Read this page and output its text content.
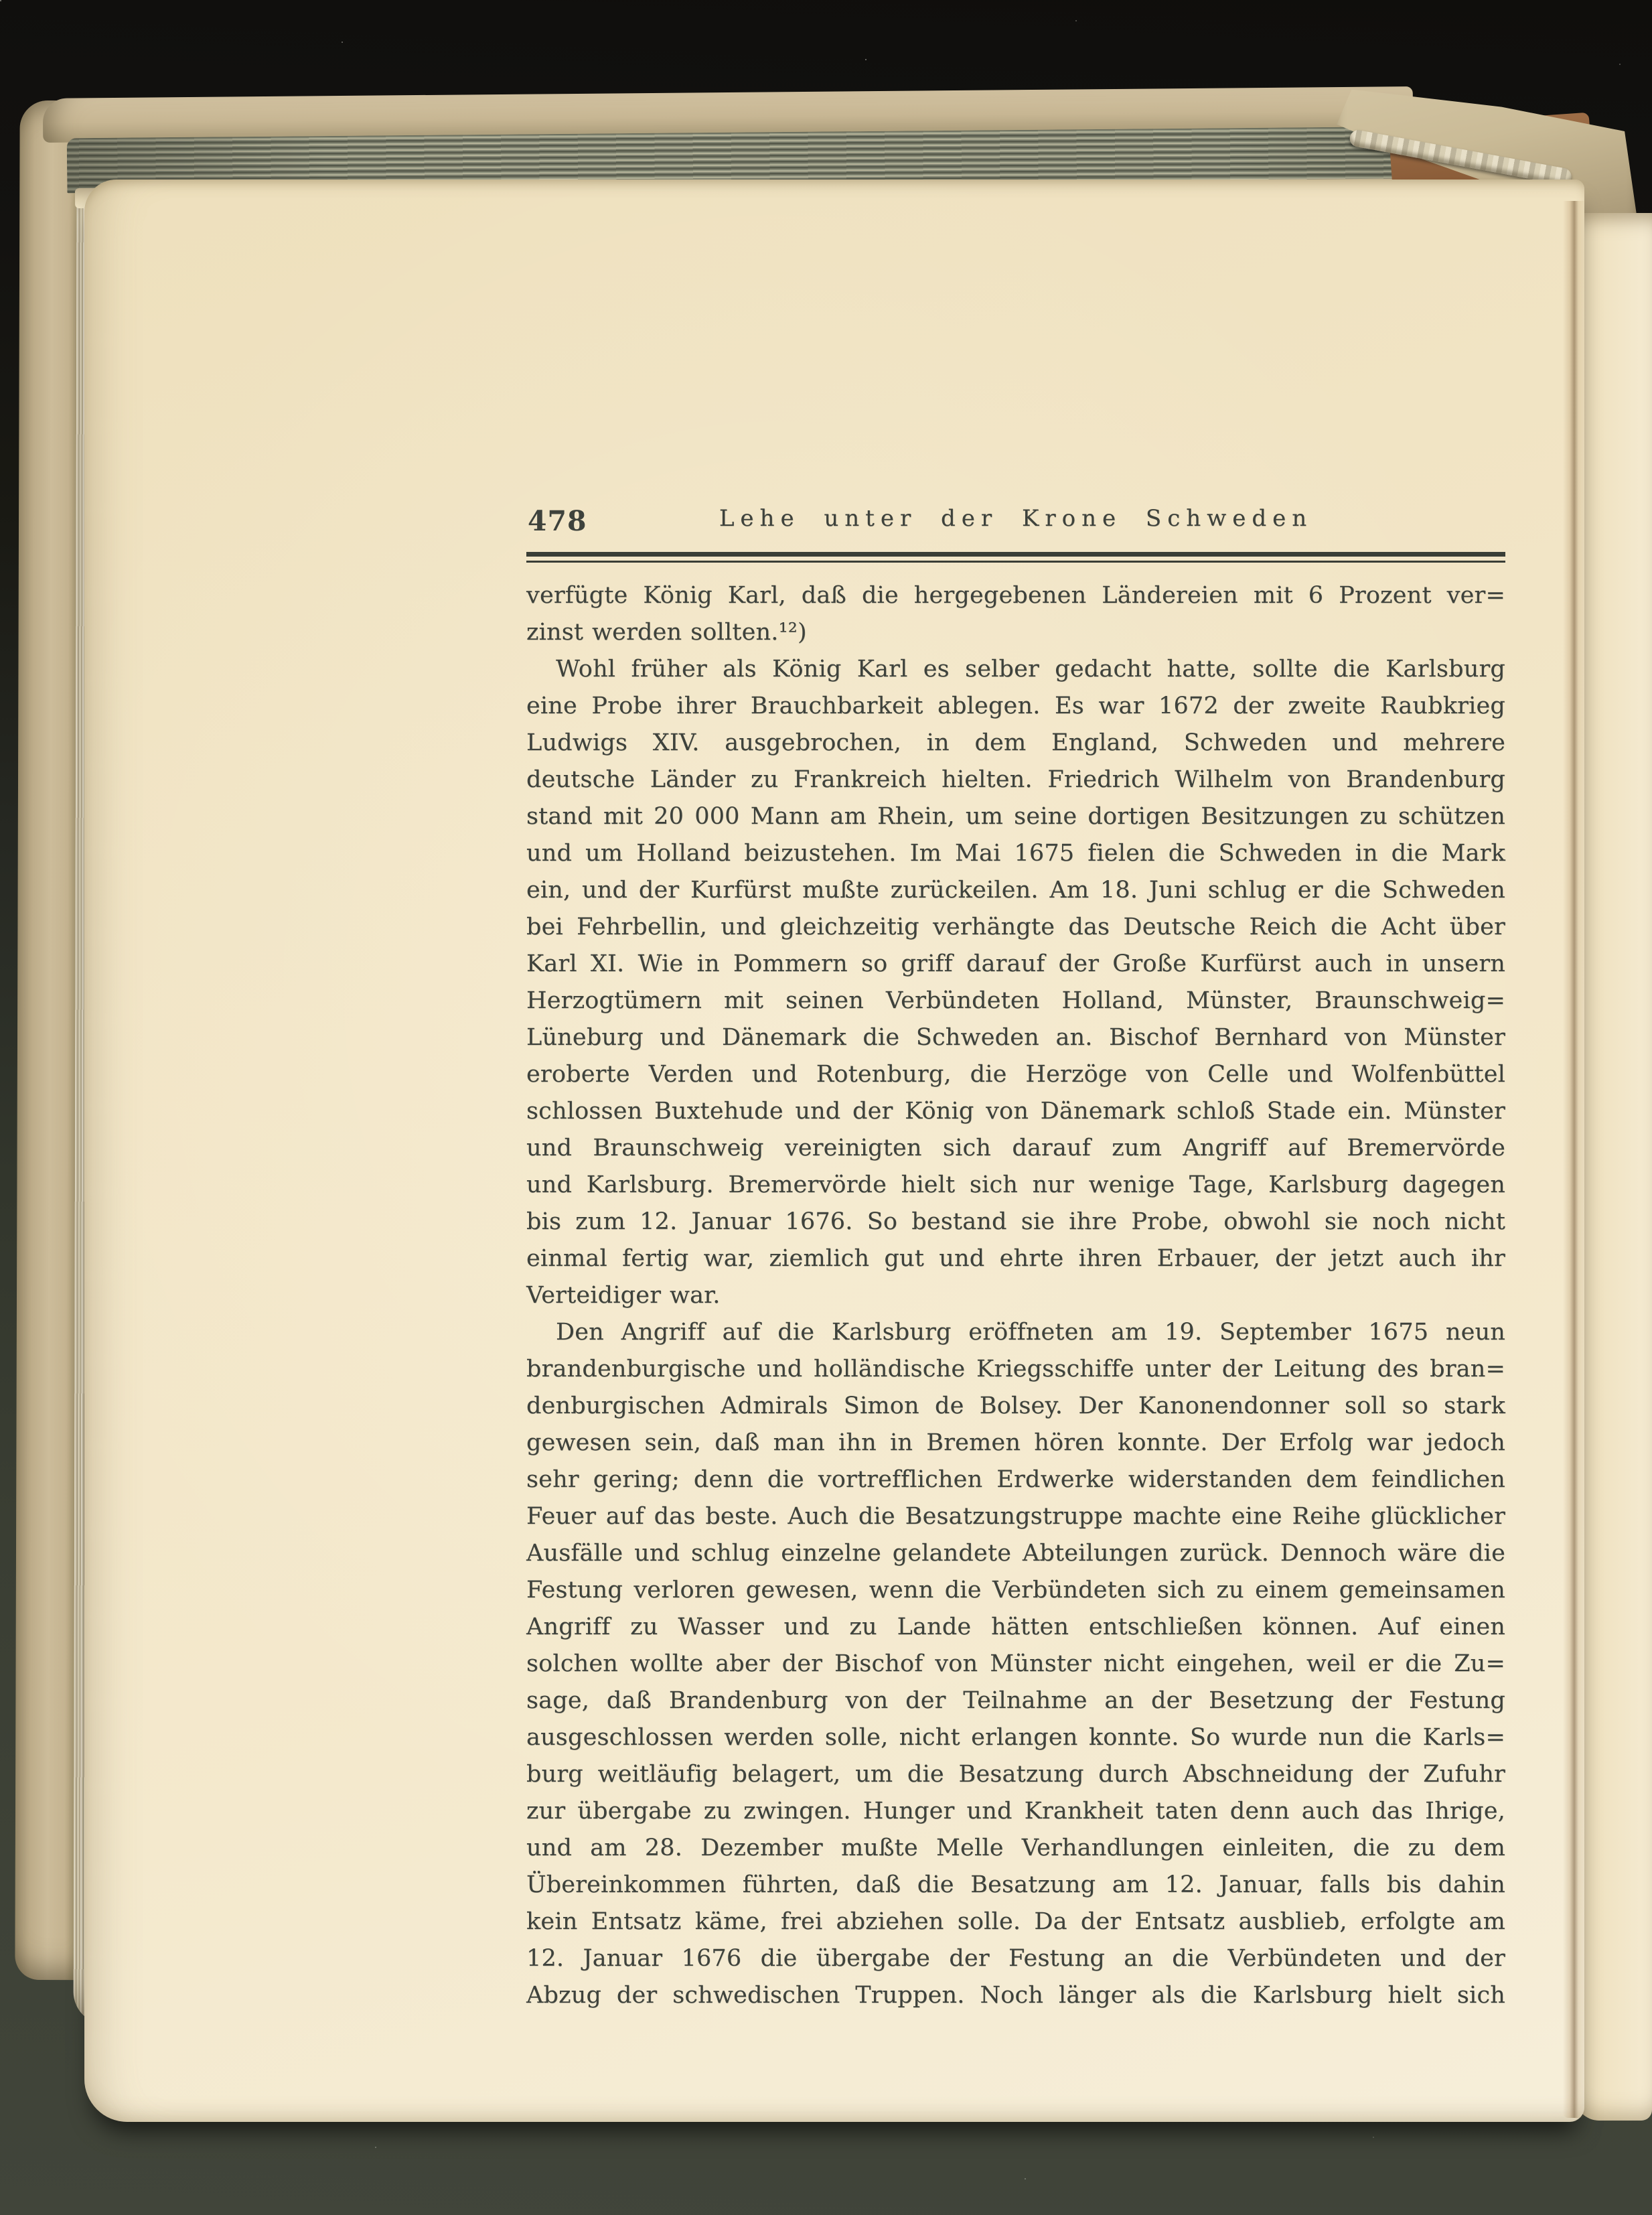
478	Lehe unter der Krone Schweden
verfügte König Karl, daß die hergegebenen Ländereien mit 6 Prozent ver=
zinst werden sollten.¹²)
Wohl früher als König Karl es selber gedacht hatte, sollte die Karlsburg
eine Probe ihrer Brauchbarkeit ablegen. Es war 1672 der zweite Raubkrieg
Ludwigs XIV. ausgebrochen, in dem England, Schweden und mehrere
deutsche Länder zu Frankreich hielten. Friedrich Wilhelm von Brandenburg
stand mit 20 000 Mann am Rhein, um seine dortigen Besitzungen zu schützen
und um Holland beizustehen. Im Mai 1675 fielen die Schweden in die Mark
ein, und der Kurfürst mußte zurückeilen. Am 18. Juni schlug er die Schweden
bei Fehrbellin, und gleichzeitig verhängte das Deutsche Reich die Acht über
Karl XI. Wie in Pommern so griff darauf der Große Kurfürst auch in unsern
Herzogtümern mit seinen Verbündeten Holland, Münster, Braunschweig=
Lüneburg und Dänemark die Schweden an. Bischof Bernhard von Münster
eroberte Verden und Rotenburg, die Herzöge von Celle und Wolfenbüttel
schlossen Buxtehude und der König von Dänemark schloß Stade ein. Münster
und Braunschweig vereinigten sich darauf zum Angriff auf Bremervörde
und Karlsburg. Bremervörde hielt sich nur wenige Tage, Karlsburg dagegen
bis zum 12. Januar 1676. So bestand sie ihre Probe, obwohl sie noch nicht
einmal fertig war, ziemlich gut und ehrte ihren Erbauer, der jetzt auch ihr
Verteidiger war.
Den Angriff auf die Karlsburg eröffneten am 19. September 1675 neun
brandenburgische und holländische Kriegsschiffe unter der Leitung des bran=
denburgischen Admirals Simon de Bolsey. Der Kanonendonner soll so stark
gewesen sein, daß man ihn in Bremen hören konnte. Der Erfolg war jedoch
sehr gering; denn die vortrefflichen Erdwerke widerstanden dem feindlichen
Feuer auf das beste. Auch die Besatzungstruppe machte eine Reihe glücklicher
Ausfälle und schlug einzelne gelandete Abteilungen zurück. Dennoch wäre die
Festung verloren gewesen, wenn die Verbündeten sich zu einem gemeinsamen
Angriff zu Wasser und zu Lande hätten entschließen können. Auf einen
solchen wollte aber der Bischof von Münster nicht eingehen, weil er die Zu=
sage, daß Brandenburg von der Teilnahme an der Besetzung der Festung
ausgeschlossen werden solle, nicht erlangen konnte. So wurde nun die Karls=
burg weitläufig belagert, um die Besatzung durch Abschneidung der Zufuhr
zur übergabe zu zwingen. Hunger und Krankheit taten denn auch das Ihrige,
und am 28. Dezember mußte Melle Verhandlungen einleiten, die zu dem
Übereinkommen führten, daß die Besatzung am 12. Januar, falls bis dahin
kein Entsatz käme, frei abziehen solle. Da der Entsatz ausblieb, erfolgte am
12. Januar 1676 die übergabe der Festung an die Verbündeten und der
Abzug der schwedischen Truppen. Noch länger als die Karlsburg hielt sich
